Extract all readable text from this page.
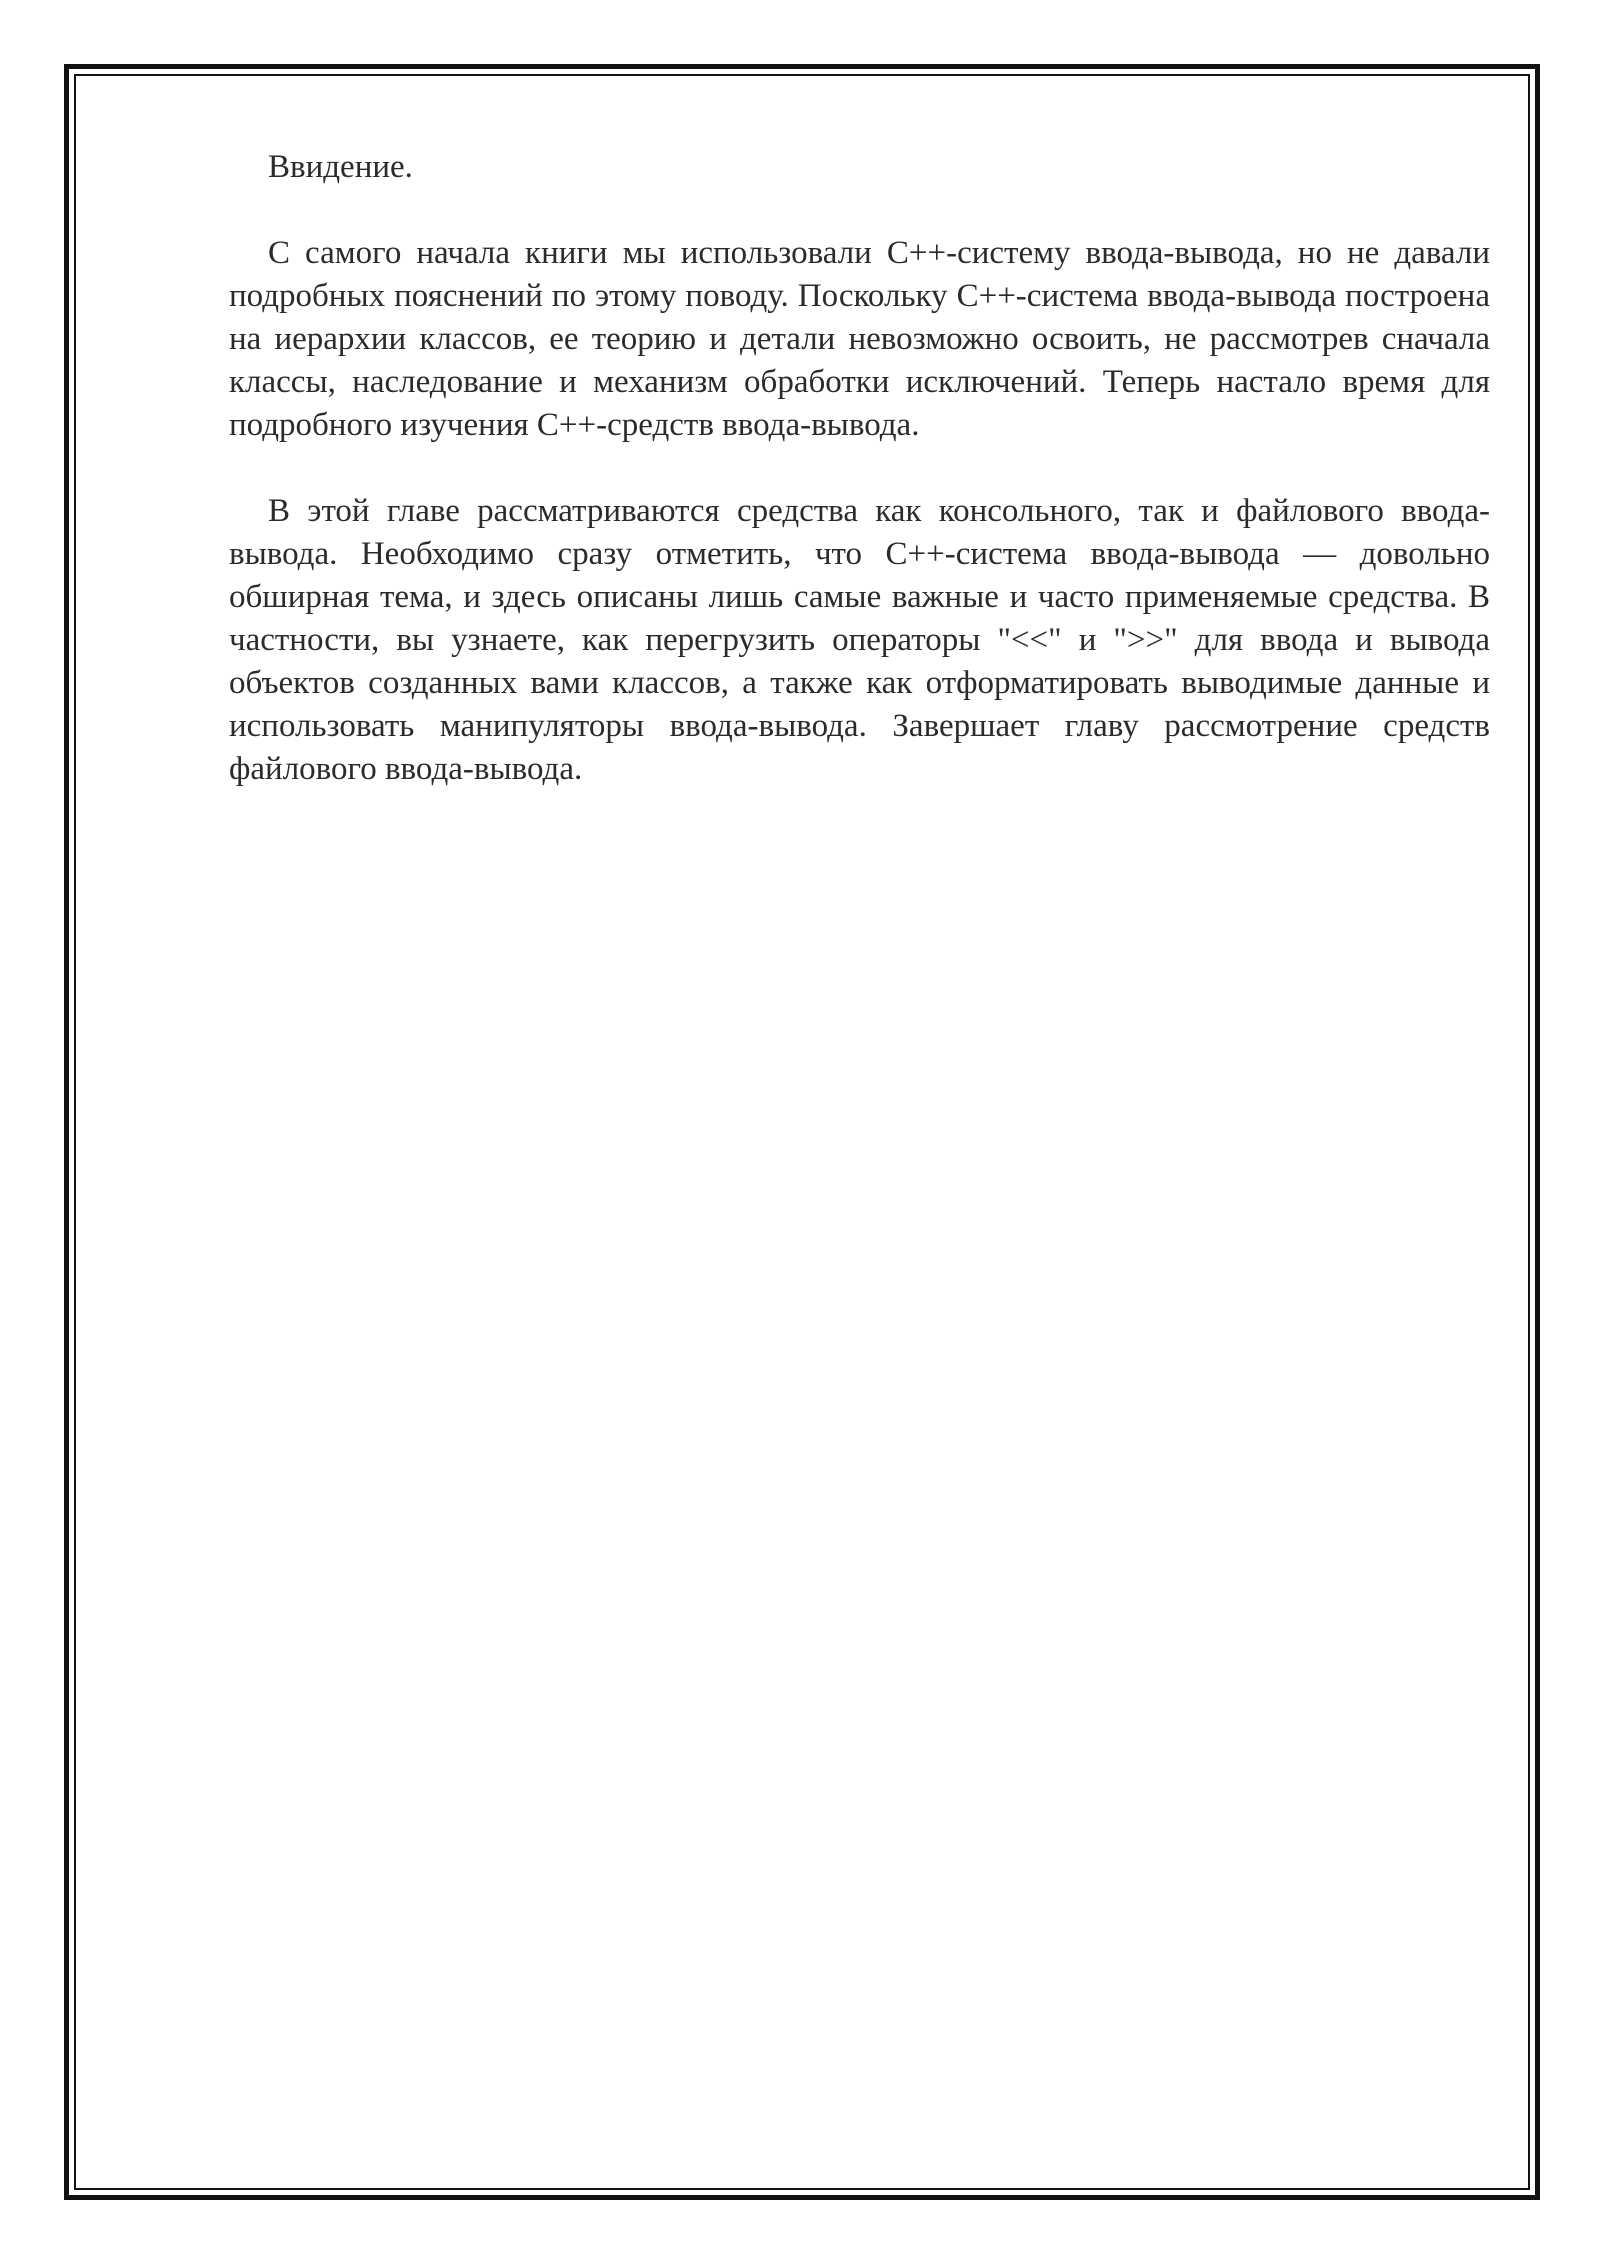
Ввидение.

С самого начала книги мы использовали C++-систему ввода-вывода, но не давали подробных пояснений по этому поводу. Поскольку С++-система ввода-вывода построена на иерархии классов, ее теорию и детали невозможно освоить, не рассмотрев сначала классы, наследование и механизм обработки исключений. Теперь настало время для подробного изучения C++-средств ввода-вывода.

В этой главе рассматриваются средства как консольного, так и файлового ввода-вывода. Необходимо сразу отметить, что С++-система ввода-вывода — довольно обширная тема, и здесь описаны лишь самые важные и часто применяемые средства. В частности, вы узнаете, как перегрузить операторы "<<" и ">>" для ввода и вывода объектов созданных вами классов, а также как отформатировать выводимые данные и использовать манипуляторы ввода-вывода. Завершает главу рассмотрение средств файлового ввода-вывода.
